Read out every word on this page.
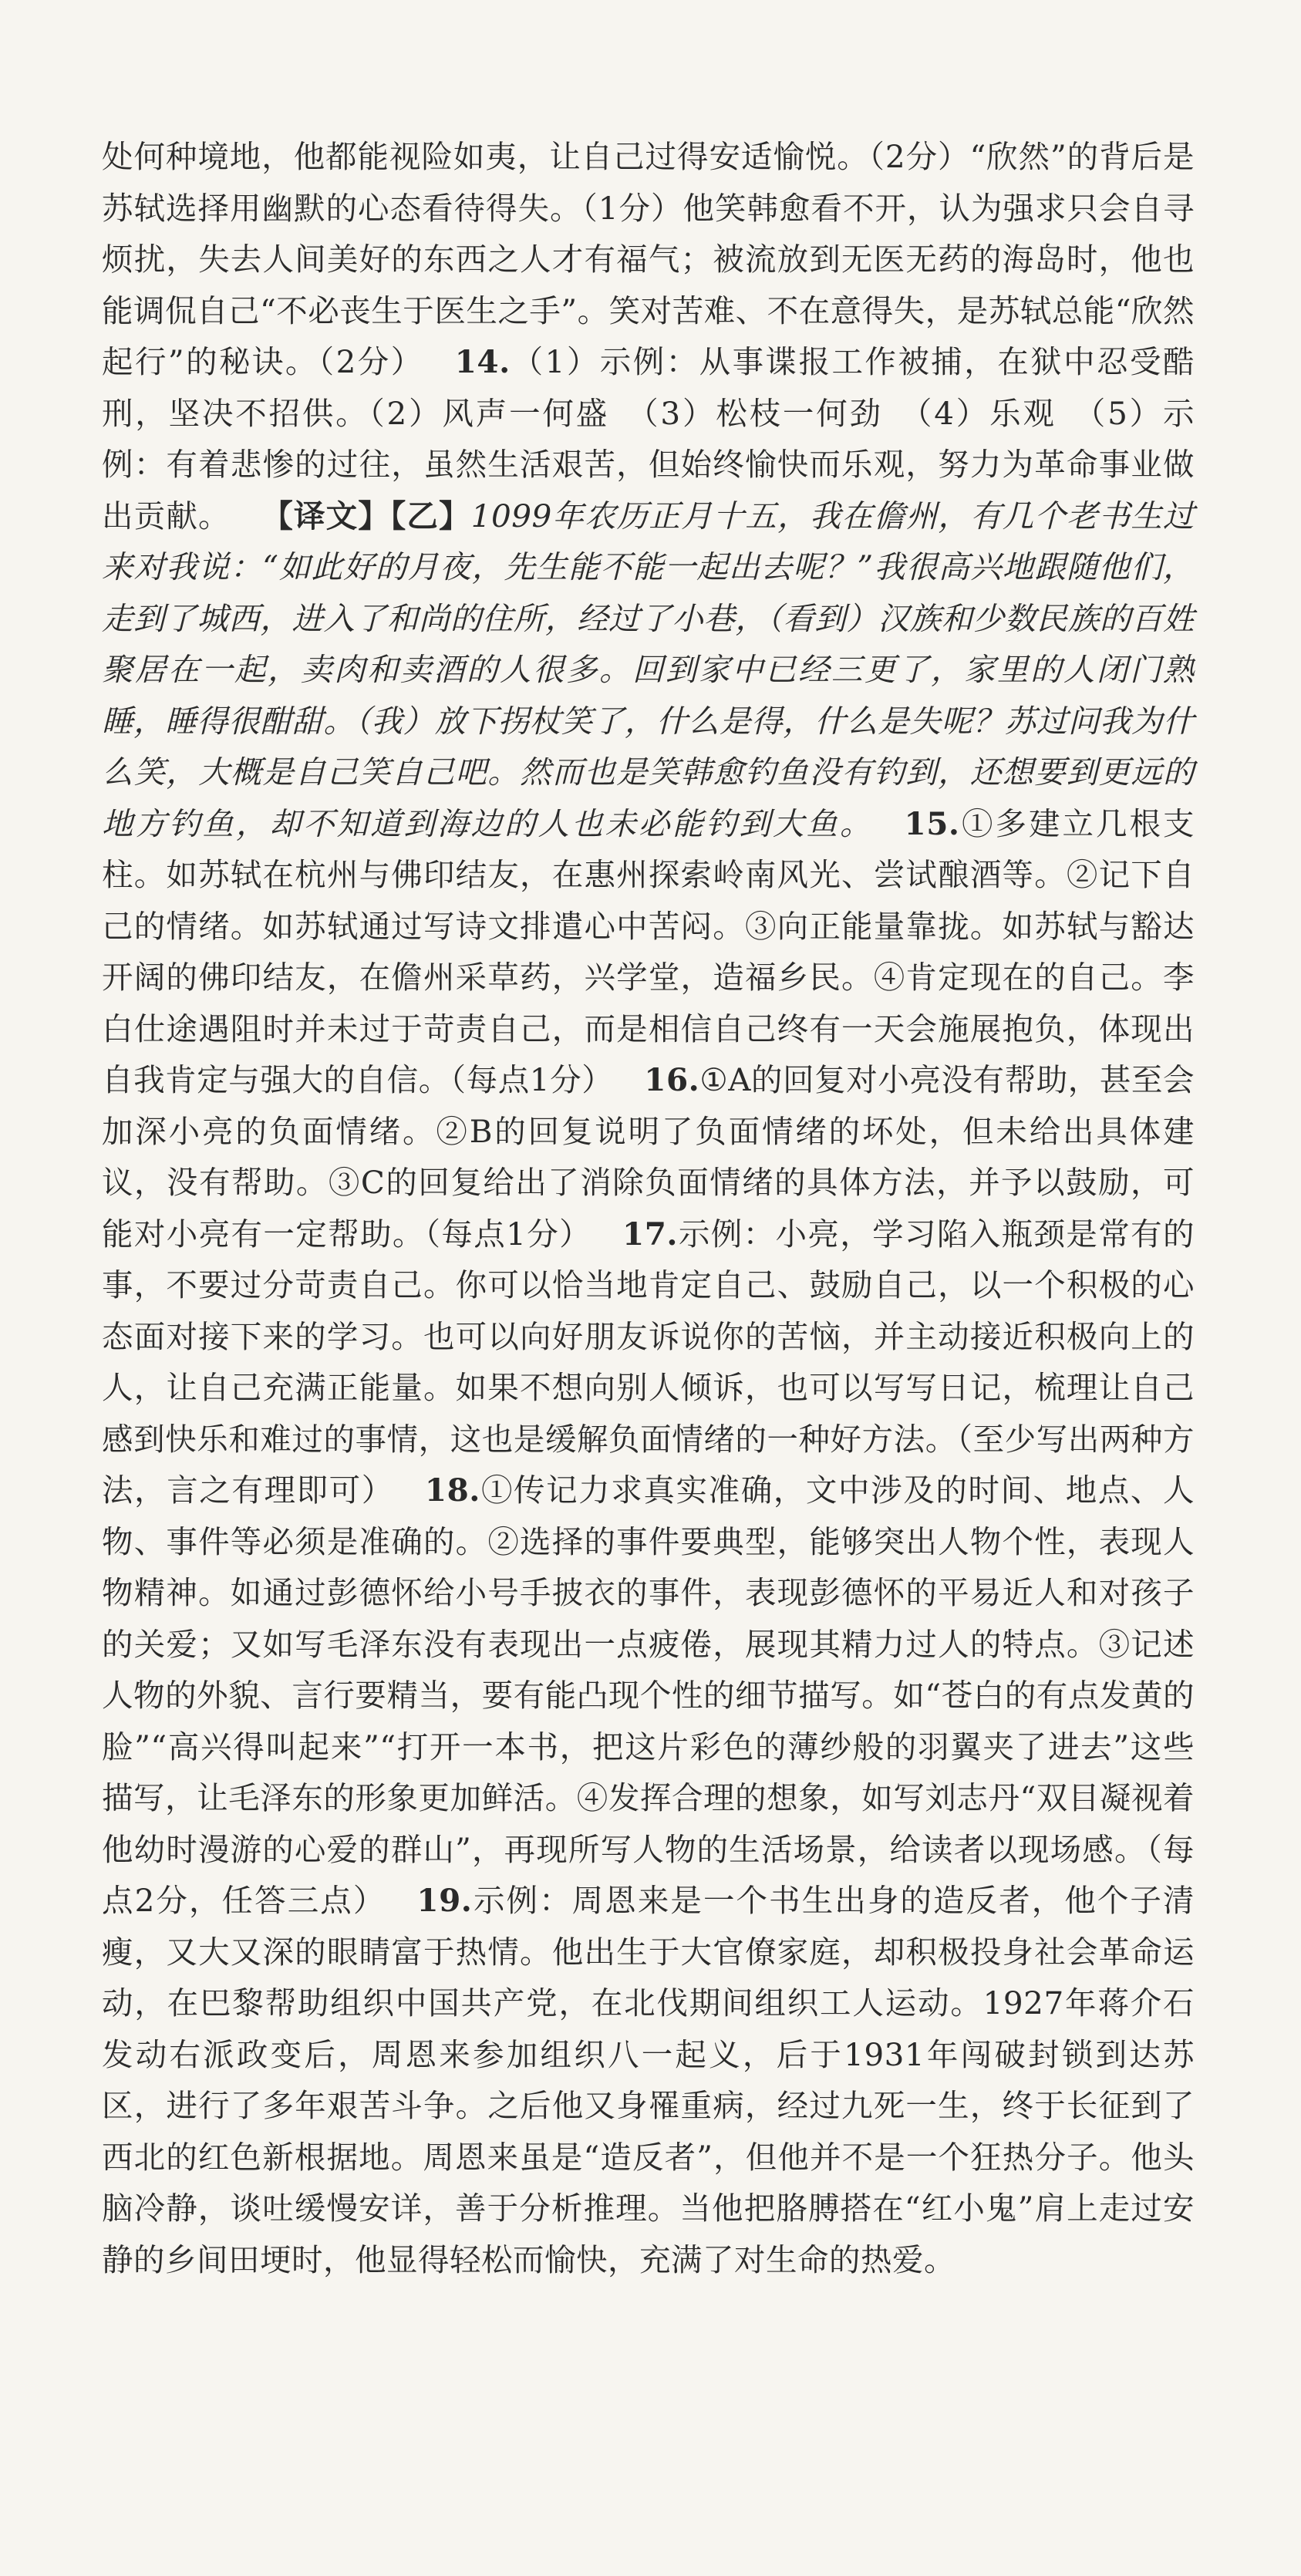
处何种境地，他都能视险如夷，让自己过得安适愉悦。（2分）“欣然”的背后是苏轼选择用幽默的心态看待得失。（1分）他笑韩愈看不开，认为强求只会自寻烦扰，失去人间美好的东西之人才有福气；被流放到无医无药的海岛时，他也能调侃自己“不必丧生于医生之手”。笑对苦难、不在意得失，是苏轼总能“欣然起行”的秘诀。（2分） 14.（1）示例：从事谍报工作被捕，在狱中忍受酷刑，坚决不招供。（2）风声一何盛　（3）松枝一何劲　（4）乐观　（5）示例：有着悲惨的过往，虽然生活艰苦，但始终愉快而乐观，努力为革命事业做出贡献。 【译文】【乙】1099年农历正月十五，我在儋州，有几个老书生过来对我说：“如此好的月夜，先生能不能一起出去呢？”我很高兴地跟随他们，走到了城西，进入了和尚的住所，经过了小巷，（看到）汉族和少数民族的百姓聚居在一起，卖肉和卖酒的人很多。回到家中已经三更了，家里的人闭门熟睡，睡得很酣甜。（我）放下拐杖笑了，什么是得，什么是失呢？苏过问我为什么笑，大概是自己笑自己吧。然而也是笑韩愈钓鱼没有钓到，还想要到更远的地方钓鱼，却不知道到海边的人也未必能钓到大鱼。 15.①多建立几根支柱。如苏轼在杭州与佛印结友，在惠州探索岭南风光、尝试酿酒等。②记下自己的情绪。如苏轼通过写诗文排遣心中苦闷。③向正能量靠拢。如苏轼与豁达开阔的佛印结友，在儋州采草药，兴学堂，造福乡民。④肯定现在的自己。李白仕途遇阻时并未过于苛责自己，而是相信自己终有一天会施展抱负，体现出自我肯定与强大的自信。（每点1分） 16.①A的回复对小亮没有帮助，甚至会加深小亮的负面情绪。②B的回复说明了负面情绪的坏处，但未给出具体建议，没有帮助。③C的回复给出了消除负面情绪的具体方法，并予以鼓励，可能对小亮有一定帮助。（每点1分） 17.示例：小亮，学习陷入瓶颈是常有的事，不要过分苛责自己。你可以恰当地肯定自己、鼓励自己，以一个积极的心态面对接下来的学习。也可以向好朋友诉说你的苦恼，并主动接近积极向上的人，让自己充满正能量。如果不想向别人倾诉，也可以写写日记，梳理让自己感到快乐和难过的事情，这也是缓解负面情绪的一种好方法。（至少写出两种方法，言之有理即可） 18.①传记力求真实准确，文中涉及的时间、地点、人物、事件等必须是准确的。②选择的事件要典型，能够突出人物个性，表现人物精神。如通过彭德怀给小号手披衣的事件，表现彭德怀的平易近人和对孩子的关爱；又如写毛泽东没有表现出一点疲倦，展现其精力过人的特点。③记述人物的外貌、言行要精当，要有能凸现个性的细节描写。如“苍白的有点发黄的脸”“高兴得叫起来”“打开一本书，把这片彩色的薄纱般的羽翼夹了进去”这些描写，让毛泽东的形象更加鲜活。④发挥合理的想象，如写刘志丹“双目凝视着他幼时漫游的心爱的群山”，再现所写人物的生活场景，给读者以现场感。（每点2分，任答三点） 19.示例：周恩来是一个书生出身的造反者，他个子清瘦，又大又深的眼睛富于热情。他出生于大官僚家庭，却积极投身社会革命运动，在巴黎帮助组织中国共产党，在北伐期间组织工人运动。1927年蒋介石发动右派政变后，周恩来参加组织八一起义，后于1931年闯破封锁到达苏区，进行了多年艰苦斗争。之后他又身罹重病，经过九死一生，终于长征到了西北的红色新根据地。周恩来虽是“造反者”，但他并不是一个狂热分子。他头脑冷静，谈吐缓慢安详，善于分析推理。当他把胳膊搭在“红小鬼”肩上走过安静的乡间田埂时，他显得轻松而愉快，充满了对生命的热爱。
